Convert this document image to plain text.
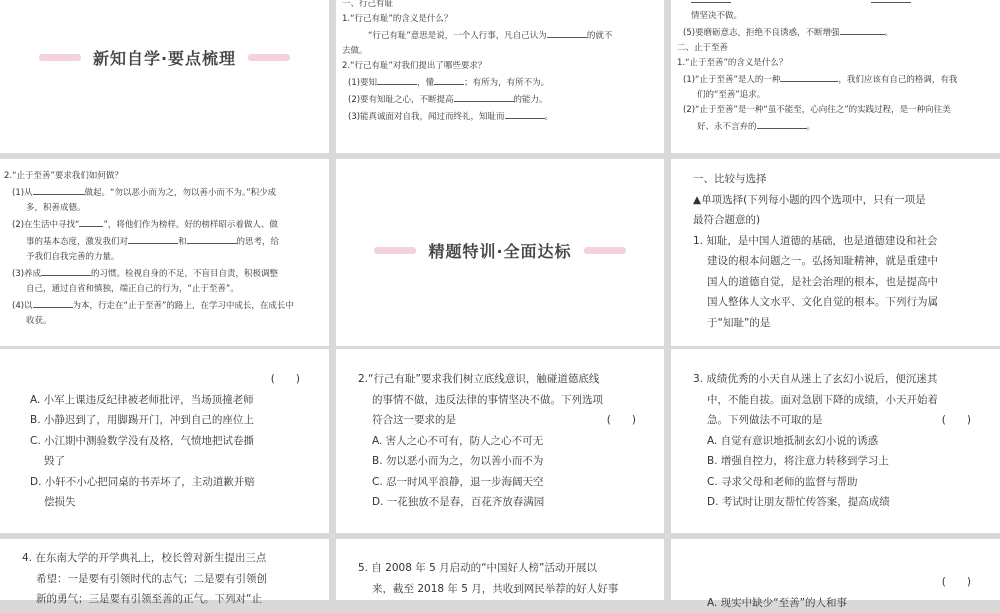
新知自学·要点梳理

一、行己有耻

1.“行己有耻”的含义是什么？

“行己有耻”意思是说，一个人行事，凡自己认为	的就不

去做。

2.“行己有耻”对我们提出了哪些要求？

(1)要知	，懂	；有所为，有所不为。

(2)要有知耻之心，不断提高	的能力。

(3)能真诚面对自我，闻过而终礼，知耻而	。

情坚决不做。

(5)要磨砺意志，拒绝不良诱惑，不断增强	。

二、止于至善

1.“止于至善”的含义是什么？

(1)“止于至善”是人的一种	，我们应该有自己的格调，有我

们的“至善”追求。

(2)“止于至善”是一种“虽不能至，心向往之”的实践过程，是一种向往美

好、永不言弃的	。

2.“止于至善”要求我们如何做？

(1)从	做起。“勿以恶小而为之，勿以善小而不为。”积少成

多，积善成德。

(2)在生活中寻找“	”，将他们作为榜样。好的榜样昭示着做人、做

事的基本态度，激发我们对	和	的思考，给

予我们自我完善的力量。

(3)养成	的习惯。检视自身的不足，不盲目自责，积极调整

自己，通过自省和慎独，端正自己的行为，“止于至善”。

(4)以	为本，行走在“止于至善”的路上，在学习中成长，在成长中

收获。

精题特训·全面达标

一、比较与选择

▲单项选择(下列每小题的四个选项中，只有一项是

最符合题意的)

1. 知耻，是中国人道德的基础，也是道德建设和社会

建设的根本问题之一。弘扬知耻精神，就是重建中

国人的道德自觉，是社会治理的根本，也是提高中

国人整体人文水平、文化自觉的根本。下列行为属

于“知耻”的是

(　　)

A. 小军上课违反纪律被老师批评，当场顶撞老师

B. 小静迟到了，用脚踢开门，冲到自己的座位上

C. 小江期中测验数学没有及格，气愤地把试卷撕

毁了

D. 小轩不小心把同桌的书弄坏了，主动道歉并赔

偿损失

2.“行己有耻”要求我们树立底线意识，触碰道德底线

的事情不做，违反法律的事情坚决不做。下列选项

符合这一要求的是	(　　)

A. 害人之心不可有，防人之心不可无

B. 勿以恶小而为之，勿以善小而不为

C. 忍一时风平浪静，退一步海阔天空

D. 一花独放不是春，百花齐放春满园

3. 成绩优秀的小天自从迷上了玄幻小说后，便沉迷其

中，不能自拔。面对急剧下降的成绩，小天开始着

急。下列做法不可取的是	(　　)

A. 自觉有意识地抵制玄幻小说的诱惑

B. 增强自控力，将注意力转移到学习上

C. 寻求父母和老师的监督与帮助

D. 考试时让朋友帮忙传答案，提高成绩

4. 在东南大学的开学典礼上，校长曾对新生提出三点

希望：一是要有引领时代的志气；二是要有引领创

新的勇气；三是要有引领至善的正气。下列对“止

5. 自 2008 年 5 月启动的“中国好人榜”活动开展以

来，截至 2018 年 5 月，共收到网民举荐的好人好事

(　　)

A. 现实中缺少“至善”的人和事
